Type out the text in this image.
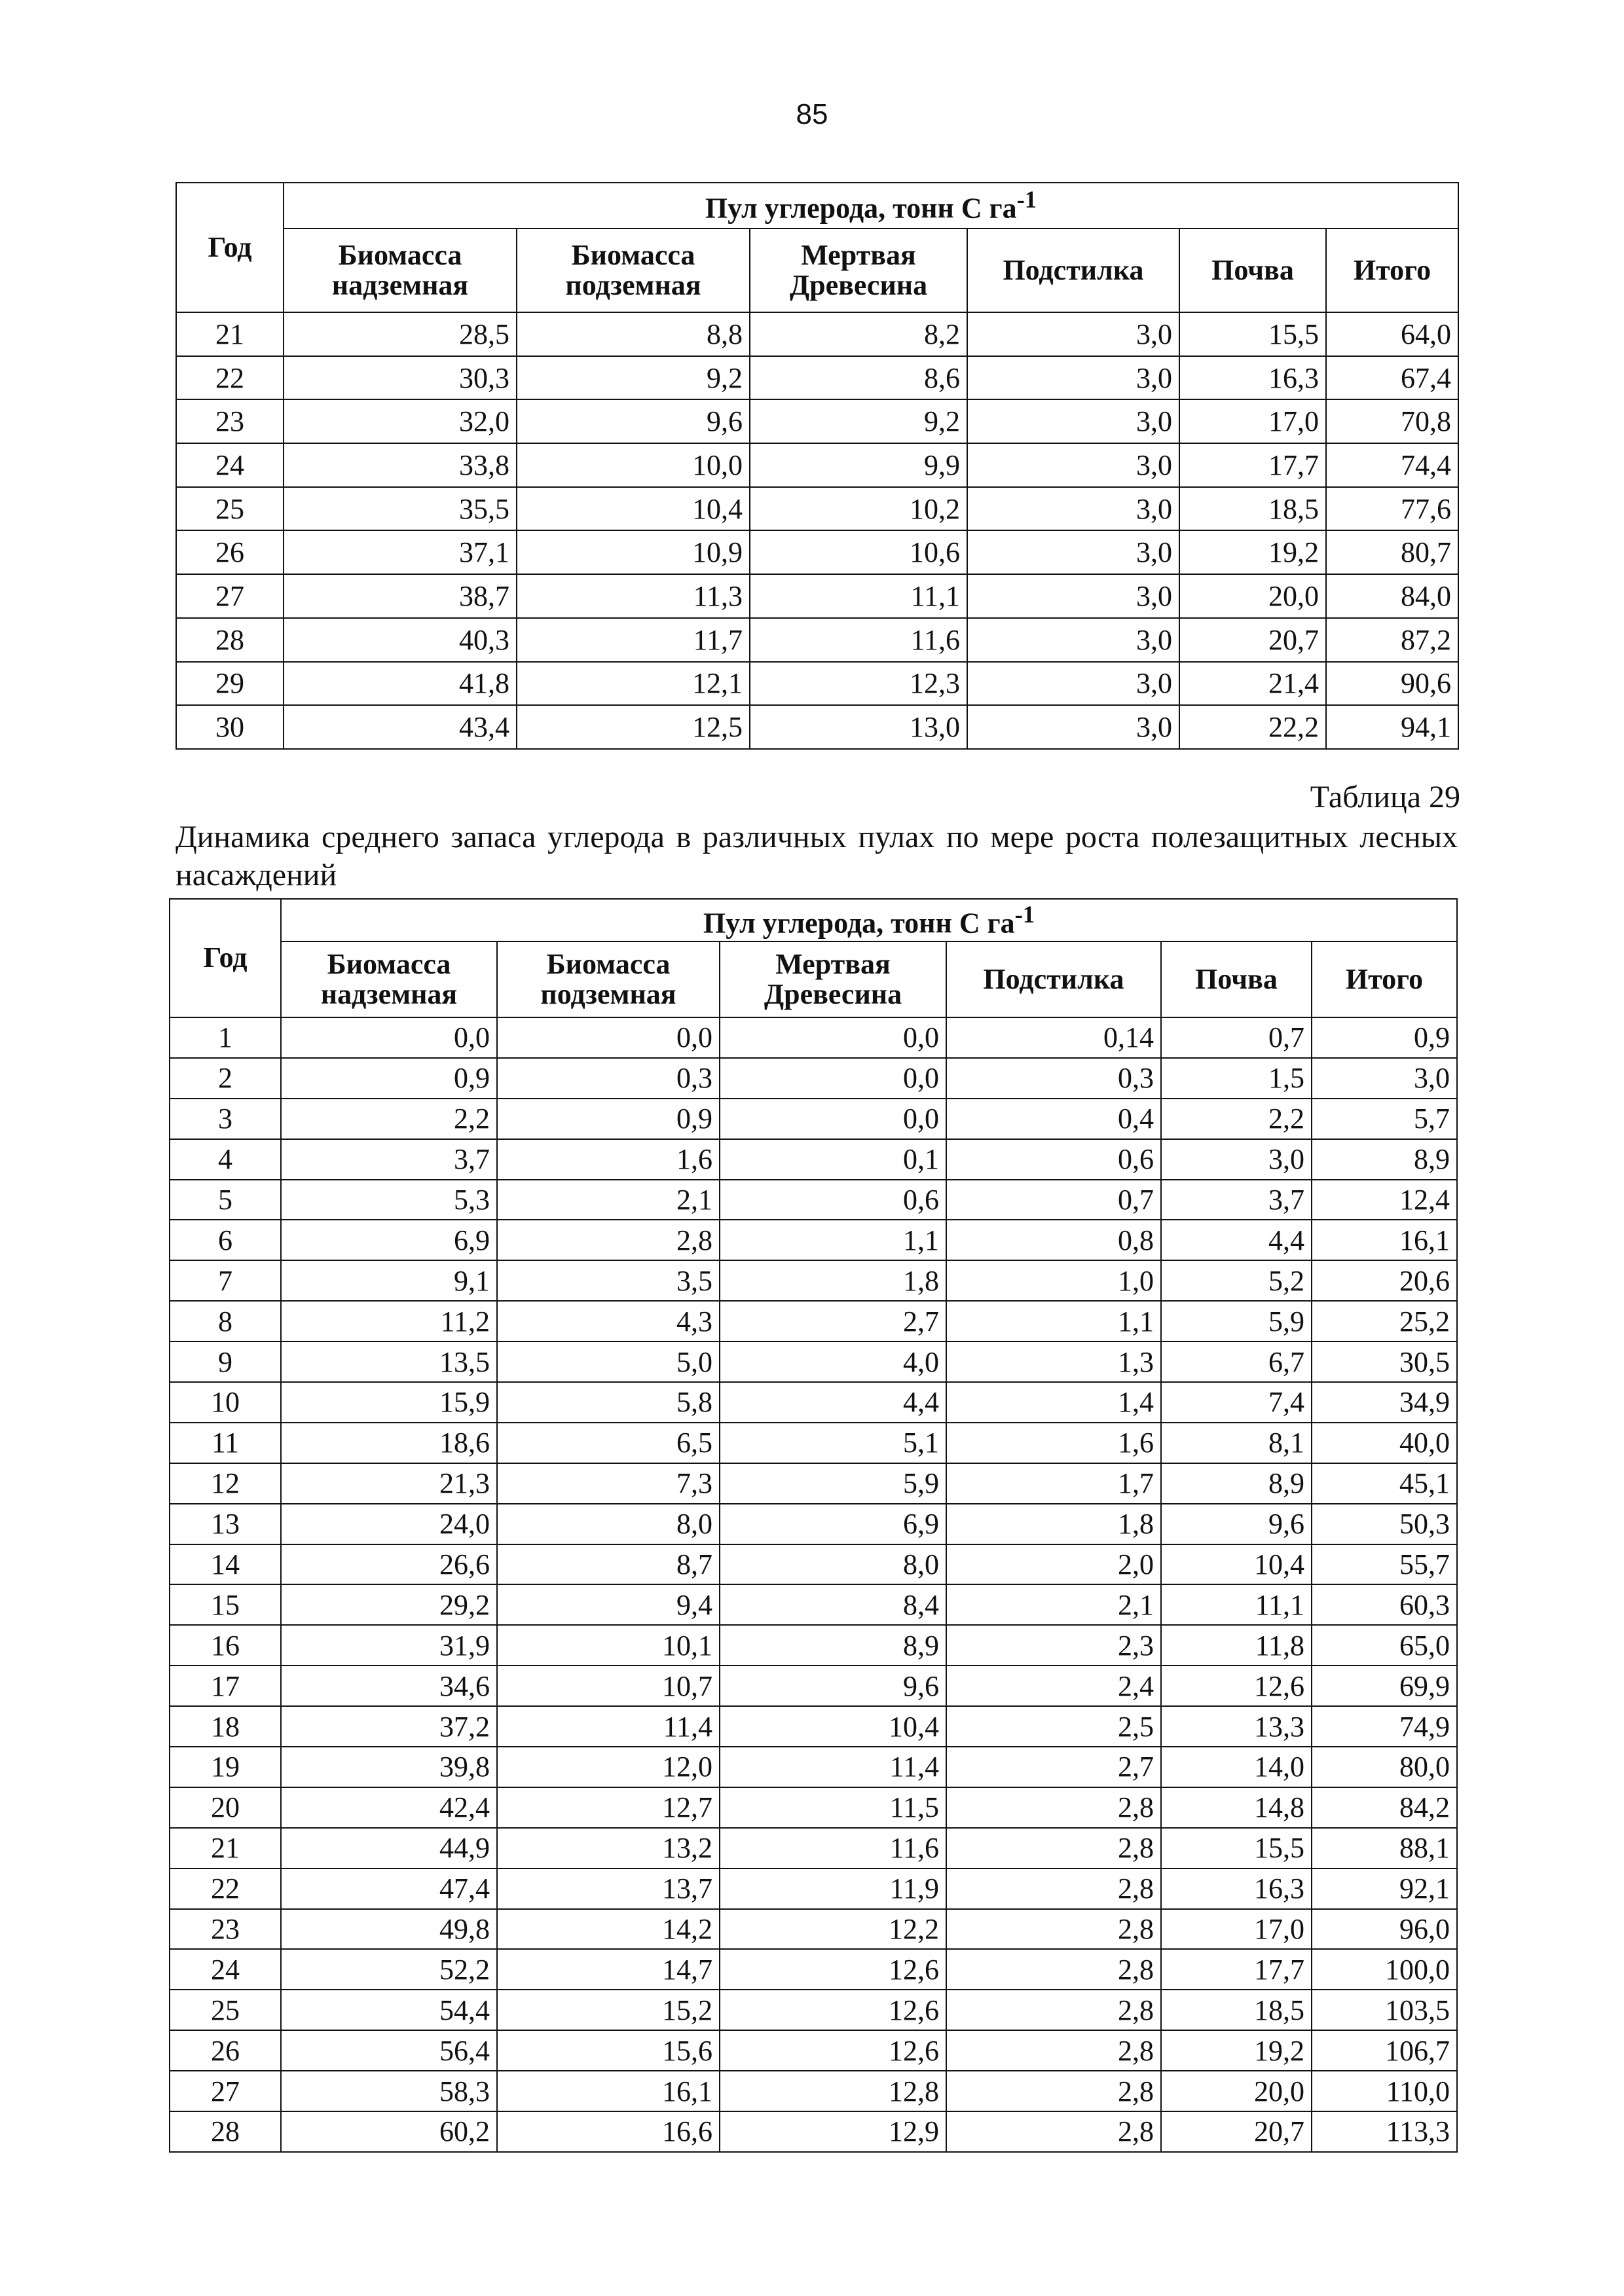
85
Год	Пул углерода, тонн С $га^{-1}$
	Биомасса надземная	Биомасса подземная	Мертвая Древесина	Подстилка	Почва	Итого
21	28,5	8,8	8,2	3,0	15,5	64,0
22	30,3	9,2	8,6	3,0	16,3	67,4
23	32,0	9,6	9,2	3,0	17,0	70,8
24	33,8	10,0	9,9	3,0	17,7	74,4
25	35,5	10,4	10,2	3,0	18,5	77,6
26	37,1	10,9	10,6	3,0	19,2	80,7
27	38,7	11,3	11,1	3,0	20,0	84,0
28	40,3	11,7	11,6	3,0	20,7	87,2
29	41,8	12,1	12,3	3,0	21,4	90,6
30	43,4	12,5	13,0	3,0	22,2	94,1
Таблица 29
Динамика среднего запаса углерода в различных пулах по мере роста полезащитных лесных насаждений
Год	Пул углерода, тонн С $га^{-1}$
	Биомасса надземная	Биомасса подземная	Мертвая Древесина	Подстилка	Почва	Итого
1	0,0	0,0	0,0	0,14	0,7	0,9
2	0,9	0,3	0,0	0,3	1,5	3,0
3	2,2	0,9	0,0	0,4	2,2	5,7
4	3,7	1,6	0,1	0,6	3,0	8,9
5	5,3	2,1	0,6	0,7	3,7	12,4
6	6,9	2,8	1,1	0,8	4,4	16,1
7	9,1	3,5	1,8	1,0	5,2	20,6
8	11,2	4,3	2,7	1,1	5,9	25,2
9	13,5	5,0	4,0	1,3	6,7	30,5
10	15,9	5,8	4,4	1,4	7,4	34,9
11	18,6	6,5	5,1	1,6	8,1	40,0
12	21,3	7,3	5,9	1,7	8,9	45,1
13	24,0	8,0	6,9	1,8	9,6	50,3
14	26,6	8,7	8,0	2,0	10,4	55,7
15	29,2	9,4	8,4	2,1	11,1	60,3
16	31,9	10,1	8,9	2,3	11,8	65,0
17	34,6	10,7	9,6	2,4	12,6	69,9
18	37,2	11,4	10,4	2,5	13,3	74,9
19	39,8	12,0	11,4	2,7	14,0	80,0
20	42,4	12,7	11,5	2,8	14,8	84,2
21	44,9	13,2	11,6	2,8	15,5	88,1
22	47,4	13,7	11,9	2,8	16,3	92,1
23	49,8	14,2	12,2	2,8	17,0	96,0
24	52,2	14,7	12,6	2,8	17,7	100,0
25	54,4	15,2	12,6	2,8	18,5	103,5
26	56,4	15,6	12,6	2,8	19,2	106,7
27	58,3	16,1	12,8	2,8	20,0	110,0
28	60,2	16,6	12,9	2,8	20,7	113,3
